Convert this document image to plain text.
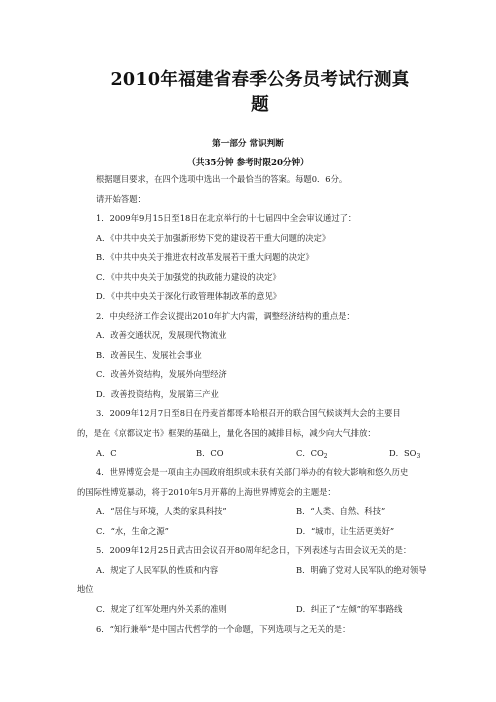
2010年福建省春季公务员考试行测真
题
第一部分 常识判断
（共35分钟 参考时限20分钟）
根据题目要求，在四个选项中选出一个最恰当的答案。每题0．6分。
请开始答题：
1．2009年9月15日至18日在北京举行的十七届四中全会审议通过了：
A．《中共中央关于加强新形势下党的建设若干重大问题的决定》
B．《中共中央关于推进农村改革发展若干重大问题的决定》
C．《中共中央关于加强党的执政能力建设的决定》
D．《中共中央关于深化行政管理体制改革的意见》
2．中央经济工作会议提出2010年扩大内需，调整经济结构的重点是：
A．改善交通状况，发展现代物流业
B．改善民生、发展社会事业
C．改善外资结构，发展外向型经济
D．改善投资结构，发展第三产业
3．2009年12月7日至8日在丹麦首都哥本哈根召开的联合国气候谈判大会的主要目
的，是在《京都议定书》框架的基础上，量化各国的减排目标，减少向大气排放：
A．C	B．CO	C．$CO_2$	D．$SO_3$
4．世界博览会是一项由主办国政府组织或未获有关部门举办的有较大影响和悠久历史
的国际性博览暴动，将于2010年5月开幕的上海世界博览会的主题是：
A．“居住与环境，人类的家具科技”	B．“人类、自然、科技”
C．“水，生命之源”	D．“城市，让生活更美好”
5．2009年12月25日武古田会议召开80周年纪念日，下列表述与古田会议无关的是：
A．规定了人民军队的性质和内容	B．明确了党对人民军队的绝对领导
地位
C．规定了红军处理内外关系的准则	D．纠正了“左倾”的军事路线
6．“知行兼举”是中国古代哲学的一个命题，下列选项与之无关的是：
